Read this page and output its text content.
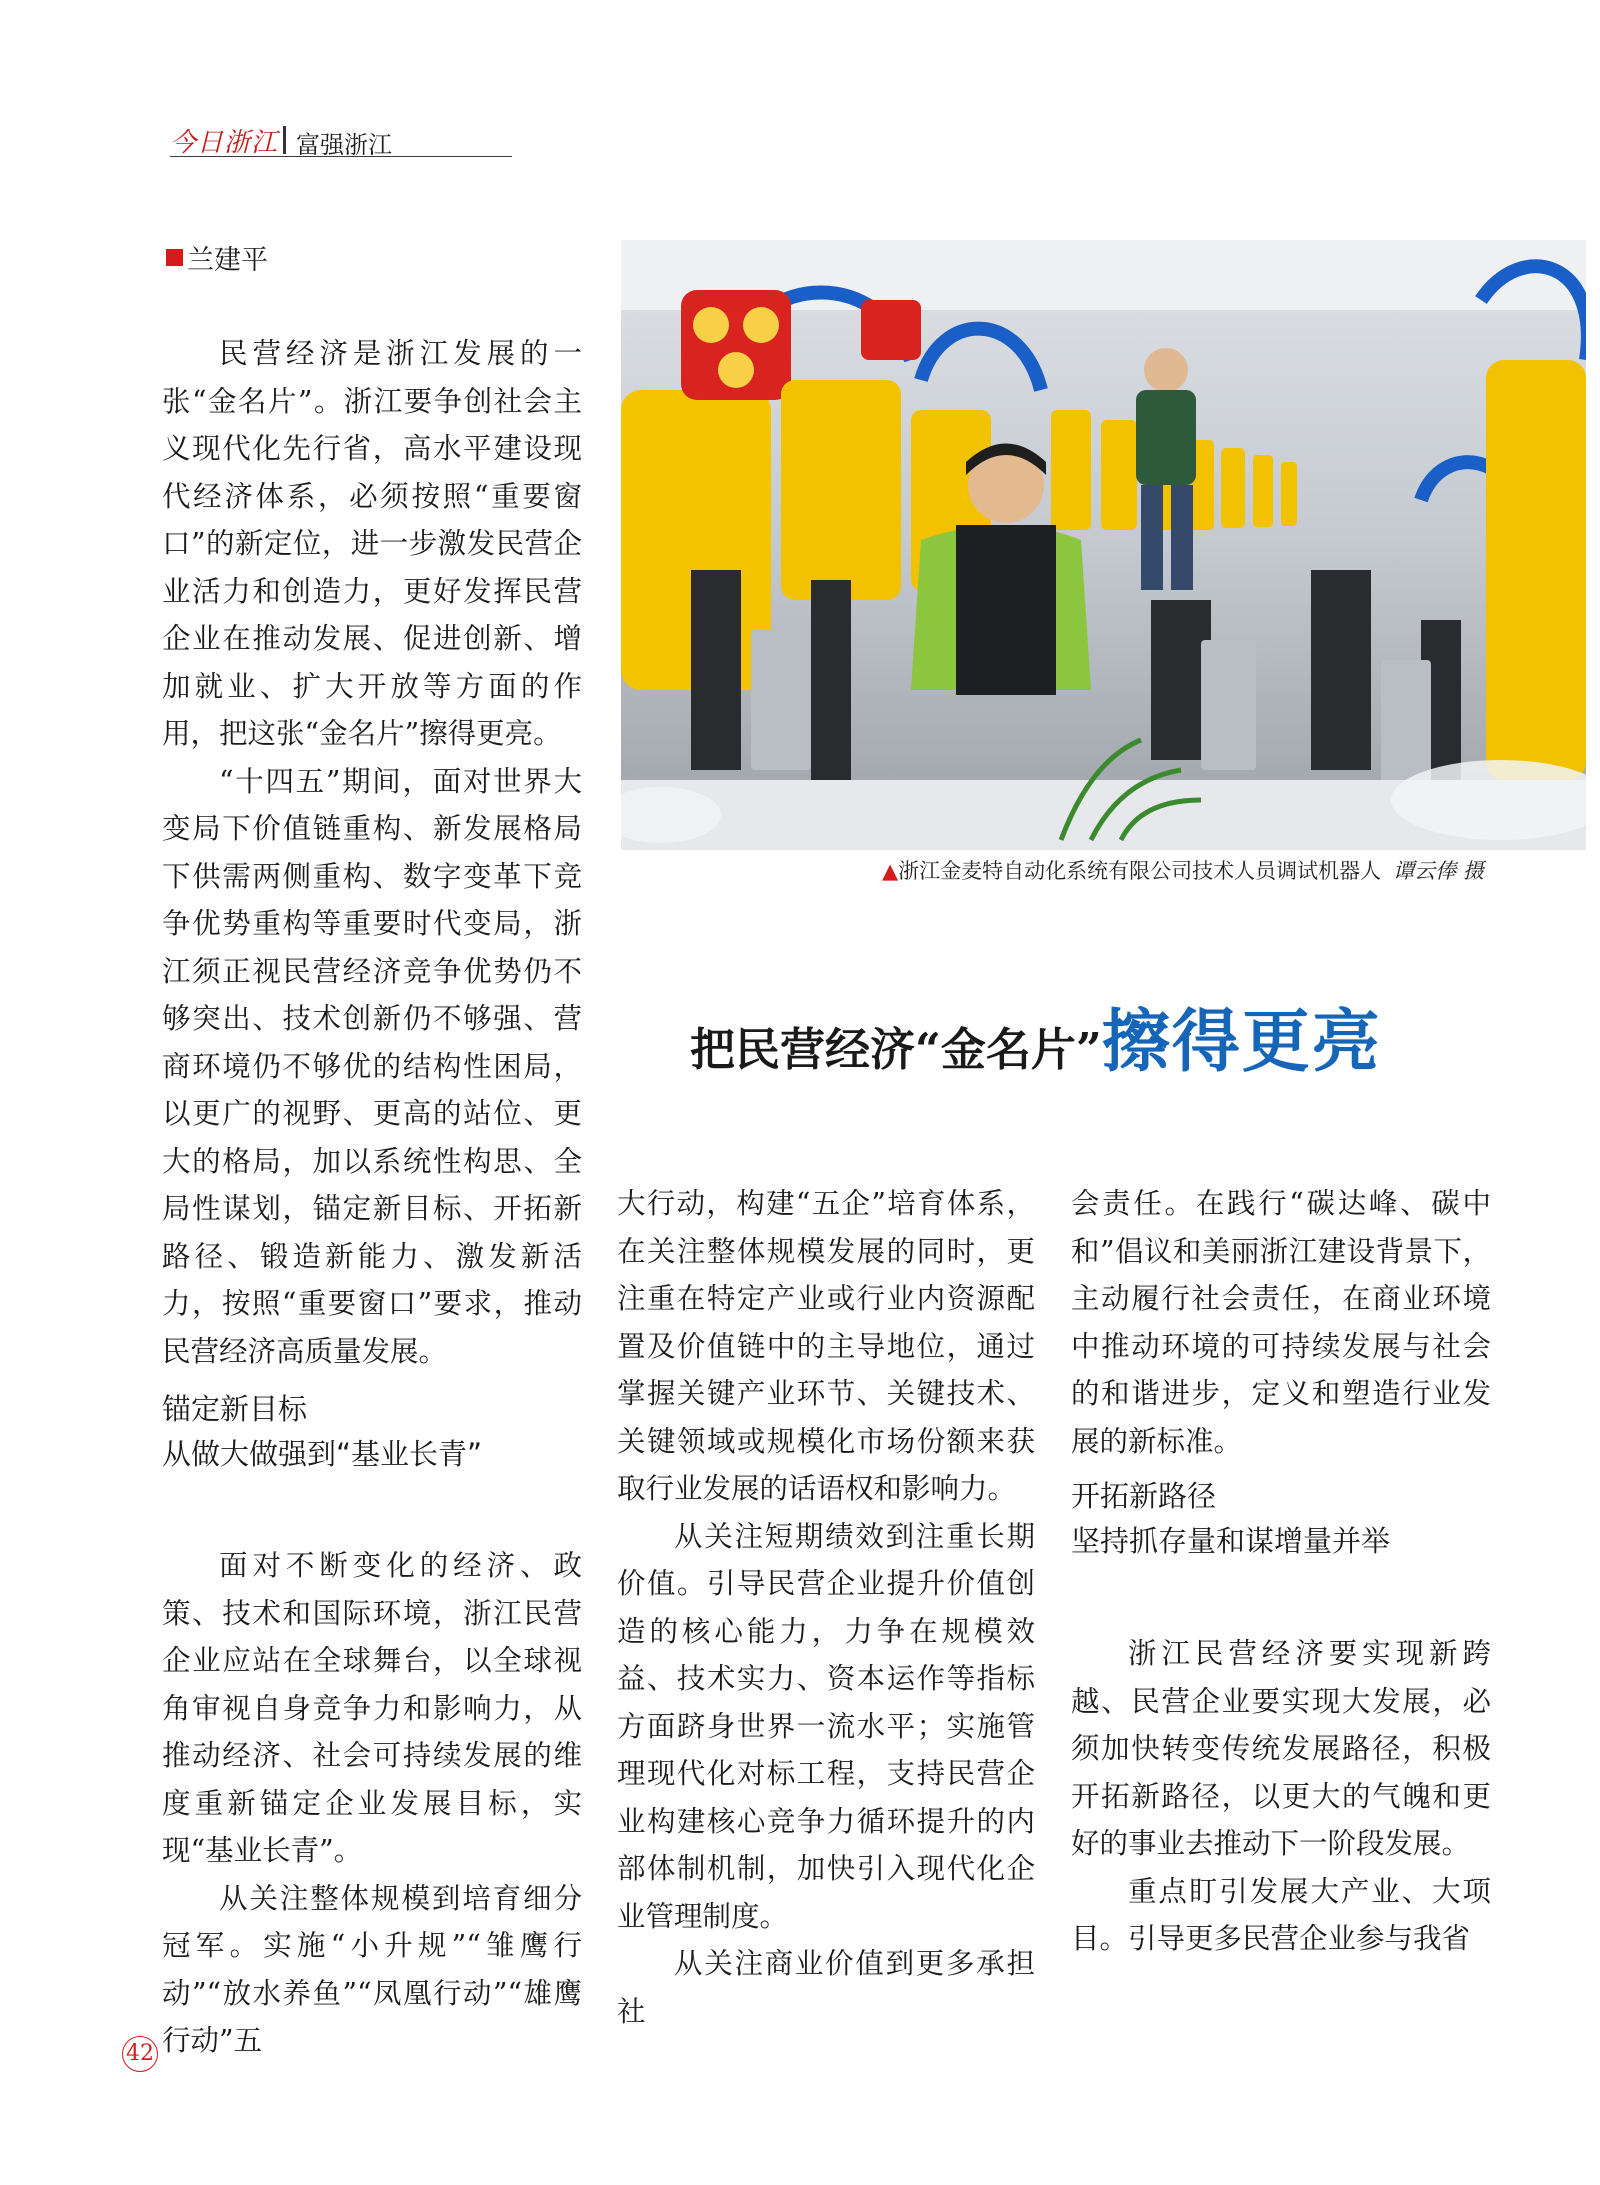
今日浙江 富强浙江
兰建平

民营经济是浙江发展的一张“金名片”。浙江要争创社会主义现代化先行省，高水平建设现代经济体系，必须按照“重要窗口”的新定位，进一步激发民营企业活力和创造力，更好发挥民营企业在推动发展、促进创新、增加就业、扩大开放等方面的作用，把这张“金名片”擦得更亮。

“十四五”期间，面对世界大变局下价值链重构、新发展格局下供需两侧重构、数字变革下竞争优势重构等重要时代变局，浙江须正视民营经济竞争优势仍不够突出、技术创新仍不够强、营商环境仍不够优的结构性困局，以更广的视野、更高的站位、更大的格局，加以系统性构思、全局性谋划，锚定新目标、开拓新路径、锻造新能力、激发新活力，按照“重要窗口”要求，推动民营经济高质量发展。

锚定新目标
从做大做强到“基业长青”

面对不断变化的经济、政策、技术和国际环境，浙江民营企业应站在全球舞台，以全球视角审视自身竞争力和影响力，从推动经济、社会可持续发展的维度重新锚定企业发展目标，实现“基业长青”。

从关注整体规模到培育细分冠军。实施“小升规”“雏鹰行动”“放水养鱼”“凤凰行动”“雄鹰行动”五

▲浙江金麦特自动化系统有限公司技术人员调试机器人 谭云俸 摄
把民营经济“金名片”擦得更亮

大行动，构建“五企”培育体系，在关注整体规模发展的同时，更注重在特定产业或行业内资源配置及价值链中的主导地位，通过掌握关键产业环节、关键技术、关键领域或规模化市场份额来获取行业发展的话语权和影响力。

从关注短期绩效到注重长期价值。引导民营企业提升价值创造的核心能力，力争在规模效益、技术实力、资本运作等指标方面跻身世界一流水平；实施管理现代化对标工程，支持民营企业构建核心竞争力循环提升的内部体制机制，加快引入现代化企业管理制度。

从关注商业价值到更多承担社

会责任。在践行“碳达峰、碳中和”倡议和美丽浙江建设背景下，主动履行社会责任，在商业环境中推动环境的可持续发展与社会的和谐进步，定义和塑造行业发展的新标准。

开拓新路径
坚持抓存量和谋增量并举

浙江民营经济要实现新跨越、民营企业要实现大发展，必须加快转变传统发展路径，积极开拓新路径，以更大的气魄和更好的事业去推动下一阶段发展。

重点盯引发展大产业、大项目。引导更多民营企业参与我省

42
